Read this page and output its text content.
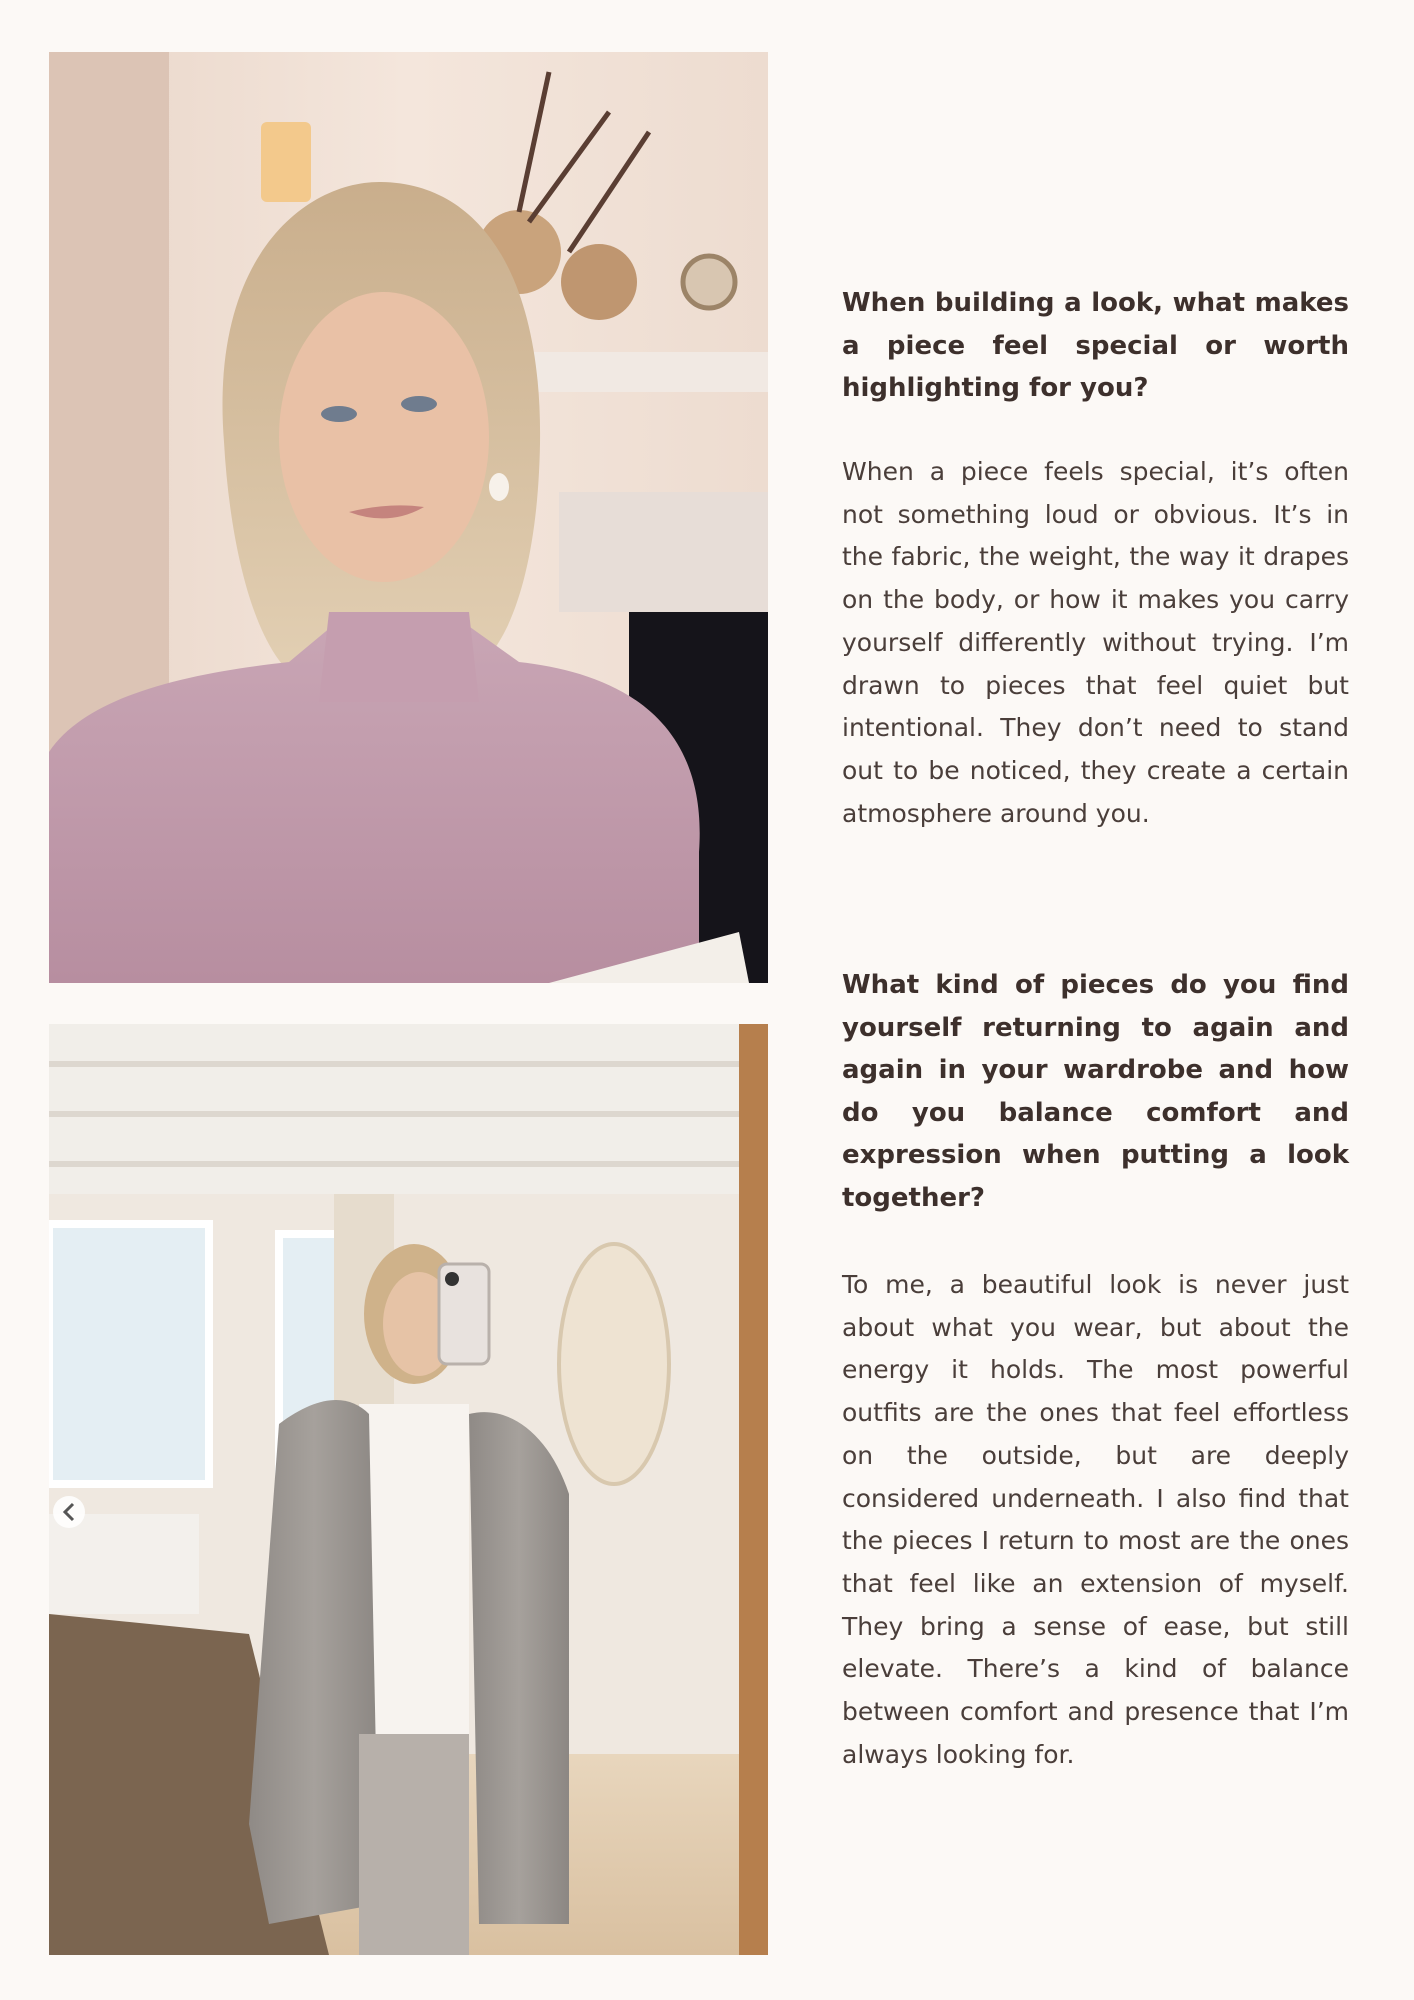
When building a look, what makes a piece feel special or worth highlighting for you?

When a piece feels special, it’s often not something loud or obvious. It’s in the fabric, the weight, the way it drapes on the body, or how it makes you carry yourself differently without trying. I’m drawn to pieces that feel quiet but intentional. They don’t need to stand out to be noticed, they create a certain atmosphere around you.

What kind of pieces do you find yourself returning to again and again in your wardrobe and how do you balance comfort and expression when putting a look together?

To me, a beautiful look is never just about what you wear, but about the energy it holds. The most powerful outfits are the ones that feel effortless on the outside, but are deeply considered underneath. I also find that the pieces I return to most are the ones that feel like an extension of myself. They bring a sense of ease, but still elevate. There’s a kind of balance between comfort and presence that I’m always looking for.
